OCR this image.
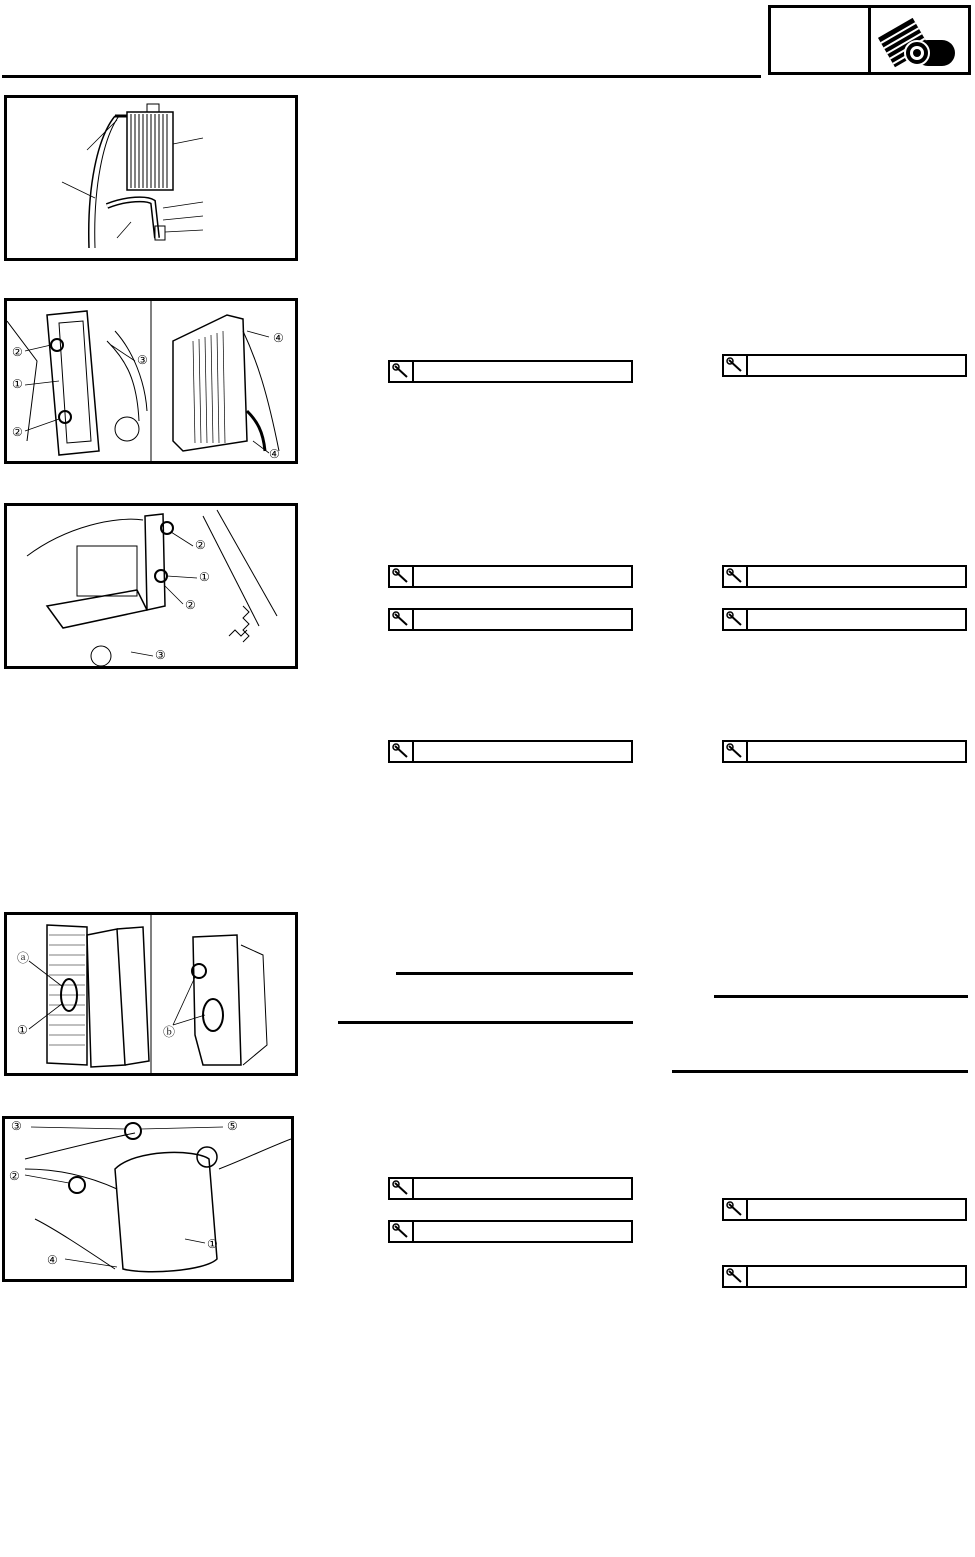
②
①
②
③
④
④
②
①
②
③
ⓐ
①	ⓑ
③	⑤
②
①
④
